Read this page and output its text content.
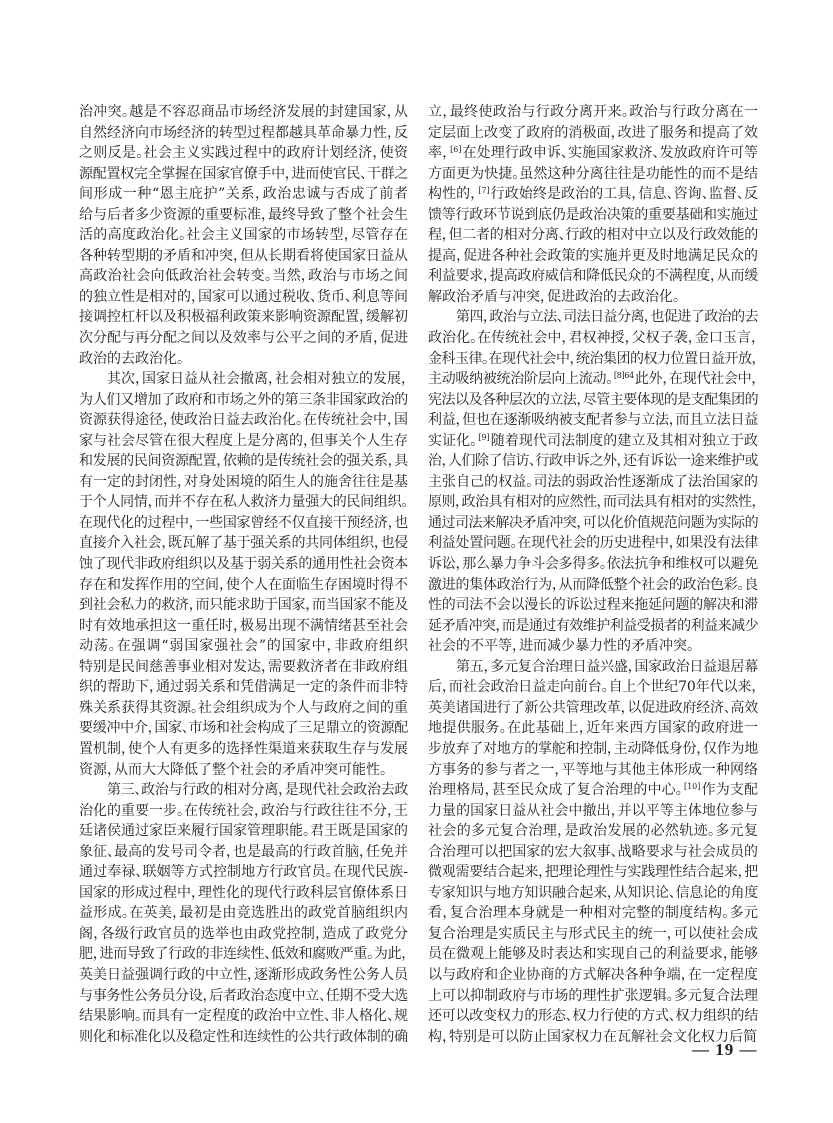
治冲突。越是不容忍商品市场经济发展的封建国家，从
自然经济向市场经济的转型过程都越具革命暴力性，反
之则反是。社会主义实践过程中的政府计划经济，使资
源配置权完全掌握在国家官僚手中，进而使官民、干群之
间形成一种“恩主庇护”关系，政治忠诚与否成了前者
给与后者多少资源的重要标准，最终导致了整个社会生
活的高度政治化。社会主义国家的市场转型，尽管存在
各种转型期的矛盾和冲突，但从长期看将使国家日益从
高政治社会向低政治社会转变。当然，政治与市场之间
的独立性是相对的，国家可以通过税收、货币、利息等间
接调控杠杆以及积极福利政策来影响资源配置，缓解初
次分配与再分配之间以及效率与公平之间的矛盾，促进
政治的去政治化。
其次，国家日益从社会撤离，社会相对独立的发展，
为人们又增加了政府和市场之外的第三条非国家政治的
资源获得途径，使政治日益去政治化。在传统社会中，国
家与社会尽管在很大程度上是分离的，但事关个人生存
和发展的民间资源配置，依赖的是传统社会的强关系，具
有一定的封闭性，对身处困境的陌生人的施舍往往是基
于个人同情，而并不存在私人救济力量强大的民间组织。
在现代化的过程中，一些国家曾经不仅直接干预经济，也
直接介入社会，既瓦解了基于强关系的共同体组织，也侵
蚀了现代非政府组织以及基于弱关系的通用性社会资本
存在和发挥作用的空间，使个人在面临生存困境时得不
到社会私力的救济，而只能求助于国家，而当国家不能及
时有效地承担这一重任时，极易出现不满情绪甚至社会
动荡。在强调“弱国家强社会”的国家中，非政府组织
特别是民间慈善事业相对发达，需要救济者在非政府组
织的帮助下，通过弱关系和凭借满足一定的条件而非特
殊关系获得其资源。社会组织成为个人与政府之间的重
要缓冲中介，国家、市场和社会构成了三足鼎立的资源配
置机制，使个人有更多的选择性渠道来获取生存与发展
资源，从而大大降低了整个社会的矛盾冲突可能性。
第三、政治与行政的相对分离，是现代社会政治去政
治化的重要一步。在传统社会，政治与行政往往不分，王
廷诸侯通过家臣来履行国家管理职能。君王既是国家的
象征、最高的发号司令者，也是最高的行政首脑，任免并
通过奉禄、联姻等方式控制地方行政官员。在现代民族-
国家的形成过程中，理性化的现代行政科层官僚体系日
益形成。在英美，最初是由竞选胜出的政党首脑组织内
阁，各级行政官员的选举也由政党控制，造成了政党分
肥，进而导致了行政的非连续性、低效和腐败严重。为此，
英美日益强调行政的中立性，逐渐形成政务性公务人员
与事务性公务员分设，后者政治态度中立、任期不受大选
结果影响。而具有一定程度的政治中立性、非人格化、规
则化和标准化以及稳定性和连续性的公共行政体制的确
立，最终使政治与行政分离开来。政治与行政分离在一
定层面上改变了政府的消极面，改进了服务和提高了效
率，[6]在处理行政申诉、实施国家救济、发放政府许可等
方面更为快捷。虽然这种分离往往是功能性的而不是结
构性的，[7]行政始终是政治的工具，信息、咨询、监督、反
馈等行政环节说到底仍是政治决策的重要基础和实施过
程，但二者的相对分离、行政的相对中立以及行政效能的
提高，促进各种社会政策的实施并更及时地满足民众的
利益要求，提高政府威信和降低民众的不满程度，从而缓
解政治矛盾与冲突，促进政治的去政治化。
第四，政治与立法、司法日益分离，也促进了政治的去
政治化。在传统社会中，君权神授，父权子袭，金口玉言，
金科玉律。在现代社会中，统治集团的权力位置日益开放，
主动吸纳被统治阶层向上流动。$^{[8]64}$此外，在现代社会中，
宪法以及各种层次的立法，尽管主要体现的是支配集团的
利益，但也在逐渐吸纳被支配者参与立法，而且立法日益
实证化。[9]随着现代司法制度的建立及其相对独立于政
治，人们除了信访、行政申诉之外，还有诉讼一途来维护或
主张自己的权益。司法的弱政治性逐渐成了法治国家的
原则，政治具有相对的应然性，而司法具有相对的实然性，
通过司法来解决矛盾冲突，可以化价值规范问题为实际的
利益处置问题。在现代社会的历史进程中，如果没有法律
诉讼，那么暴力争斗会多得多。依法抗争和维权可以避免
激进的集体政治行为，从而降低整个社会的政治色彩。良
性的司法不会以漫长的诉讼过程来拖延问题的解决和滞
延矛盾冲突，而是通过有效维护利益受损者的利益来减少
社会的不平等，进而减少暴力性的矛盾冲突。
第五，多元复合治理日益兴盛，国家政治日益退居幕
后，而社会政治日益走向前台。自上个世纪70年代以来，
英美诸国进行了新公共管理改革，以促进政府经济、高效
地提供服务。在此基础上，近年来西方国家的政府进一
步放弃了对地方的掌舵和控制，主动降低身份，仅作为地
方事务的参与者之一，平等地与其他主体形成一种网络
治理格局，甚至民众成了复合治理的中心。[10]作为支配
力量的国家日益从社会中撤出，并以平等主体地位参与
社会的多元复合治理，是政治发展的必然轨迹。多元复
合治理可以把国家的宏大叙事、战略要求与社会成员的
微观需要结合起来，把理论理性与实践理性结合起来，把
专家知识与地方知识融合起来，从知识论、信息论的角度
看，复合治理本身就是一种相对完整的制度结构。多元
复合治理是实质民主与形式民主的统一，可以使社会成
员在微观上能够及时表达和实现自己的利益要求，能够
以与政府和企业协商的方式解决各种争端，在一定程度
上可以抑制政府与市场的理性扩张逻辑。多元复合法理
还可以改变权力的形态、权力行使的方式、权力组织的结
构，特别是可以防止国家权力在瓦解社会文化权力后简
— 19 —
